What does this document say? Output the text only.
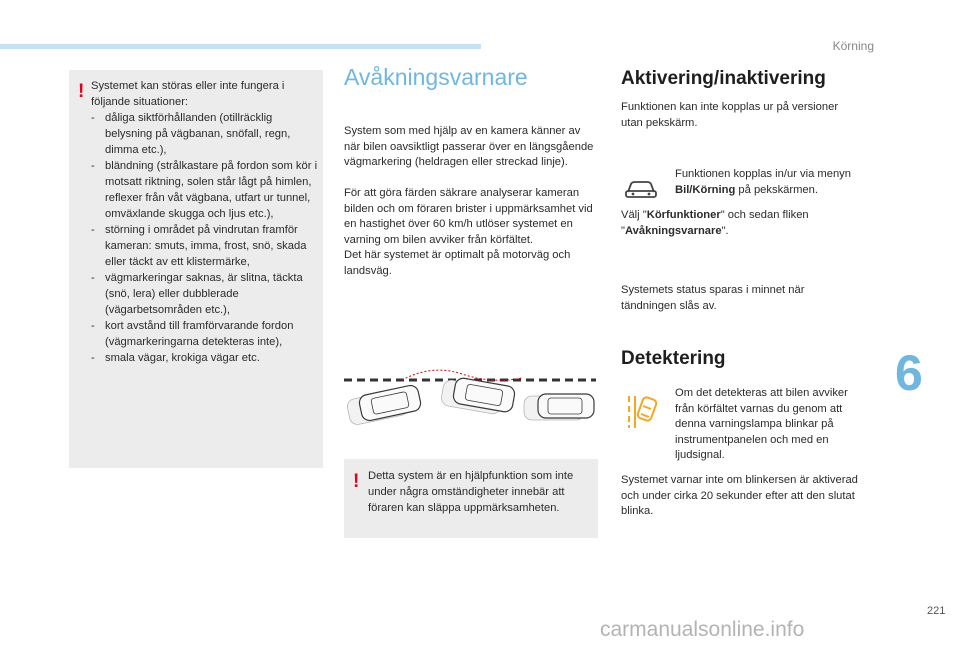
Körning
! Systemet kan störas eller inte fungera i följande situationer:
- dåliga siktförhållanden (otillräcklig belysning på vägbanan, snöfall, regn, dimma etc.),
- bländning (strålkastare på fordon som kör i motsatt riktning, solen står lågt på himlen, reflexer från våt vägbana, utfart ur tunnel, omväxlande skugga och ljus etc.),
- störning i området på vindrutan framför kameran: smuts, imma, frost, snö, skada eller täckt av ett klistermärke,
- vägmarkeringar saknas, är slitna, täckta (snö, lera) eller dubblerade (vägarbetsområden etc.),
- kort avstånd till framförvarande fordon (vägmarkeringarna detekteras inte),
- smala vägar, krokiga vägar etc.
Avåkningsvarnare

System som med hjälp av en kamera känner av när bilen oavsiktligt passerar över en längsgående vägmarkering (heldragen eller streckad linje).

För att göra färden säkrare analyserar kameran bilden och om föraren brister i uppmärksamhet vid en hastighet över 60 km/h utlöser systemet en varning om bilen avviker från körfältet.

Det här systemet är optimalt på motorväg och landsväg.

! Detta system är en hjälpfunktion som inte under några omständigheter innebär att föraren kan släppa uppmärksamheten.
Aktivering/inaktivering

Funktionen kan inte kopplas ur på versioner utan pekskärm.

Funktionen kopplas in/ur via menyn Bil/Körning på pekskärmen.

Välj "Körfunktioner" och sedan fliken "Avåkningsvarnare".

Systemets status sparas i minnet när tändningen slås av.

Detektering

Om det detekteras att bilen avviker från körfältet varnas du genom att denna varningslampa blinkar på instrumentpanelen och med en ljudsignal.

Systemet varnar inte om blinkersen är aktiverad och under cirka 20 sekunder efter att den slutat blinka.

6
221
carmanualsonline.info
